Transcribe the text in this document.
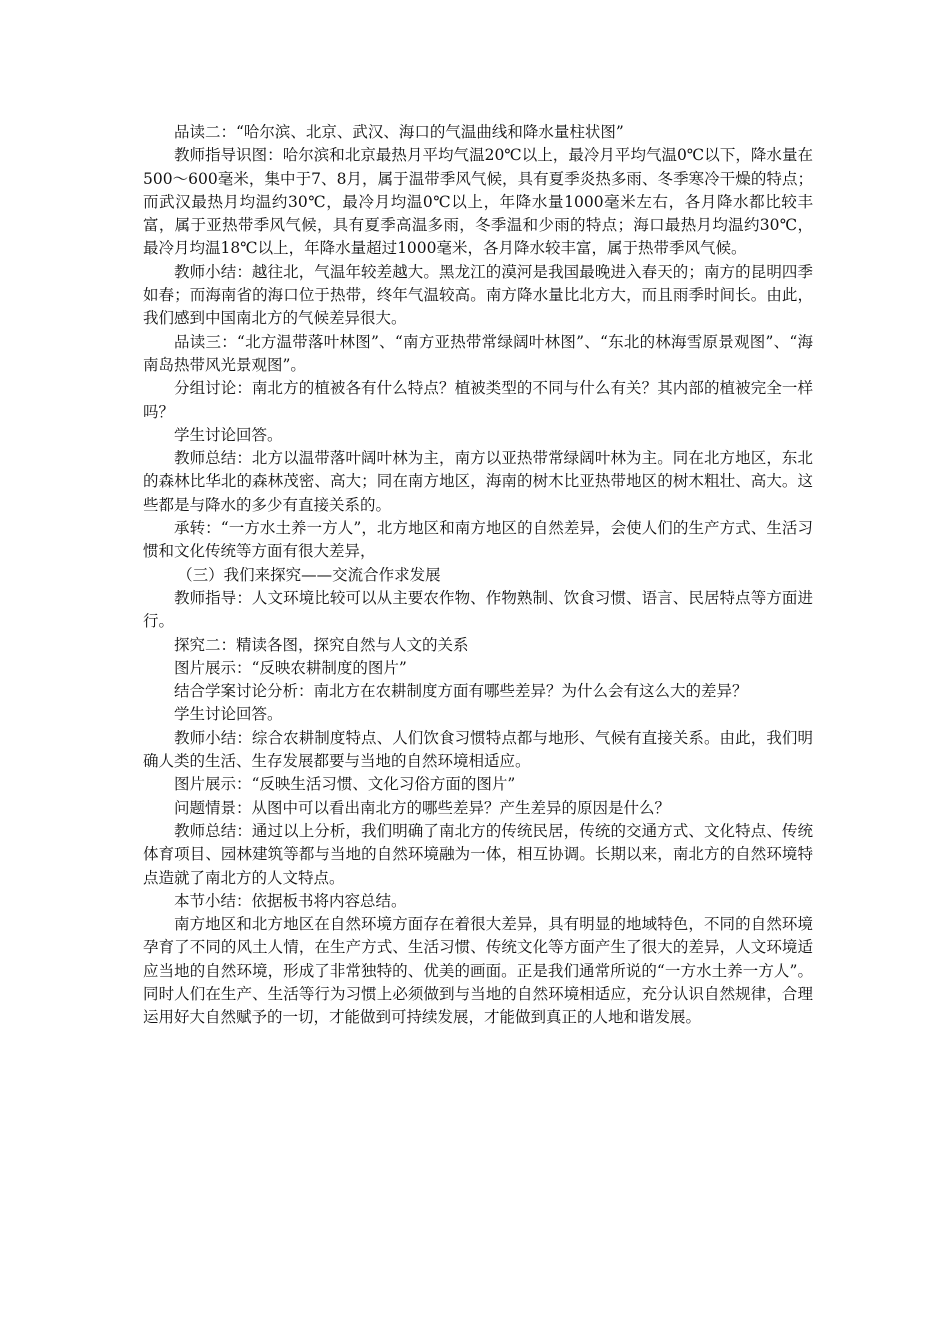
品读二：“哈尔滨、北京、武汉、海口的气温曲线和降水量柱状图”

教师指导识图：哈尔滨和北京最热月平均气温20℃以上，最冷月平均气温0℃以下，降水量在500～600毫米，集中于7、8月，属于温带季风气候，具有夏季炎热多雨、冬季寒冷干燥的特点；而武汉最热月均温约30℃，最冷月均温0℃以上，年降水量1000毫米左右，各月降水都比较丰富，属于亚热带季风气候，具有夏季高温多雨，冬季温和少雨的特点；海口最热月均温约30℃，最冷月均温18℃以上，年降水量超过1000毫米，各月降水较丰富，属于热带季风气候。

教师小结：越往北，气温年较差越大。黑龙江的漠河是我国最晚进入春天的；南方的昆明四季如春；而海南省的海口位于热带，终年气温较高。南方降水量比北方大，而且雨季时间长。由此，我们感到中国南北方的气候差异很大。

品读三：“北方温带落叶林图”、“南方亚热带常绿阔叶林图”、“东北的林海雪原景观图”、“海南岛热带风光景观图”。

分组讨论：南北方的植被各有什么特点？植被类型的不同与什么有关？其内部的植被完全一样吗？

学生讨论回答。

教师总结：北方以温带落叶阔叶林为主，南方以亚热带常绿阔叶林为主。同在北方地区，东北的森林比华北的森林茂密、高大；同在南方地区，海南的树木比亚热带地区的树木粗壮、高大。这些都是与降水的多少有直接关系的。

承转：“一方水土养一方人”，北方地区和南方地区的自然差异，会使人们的生产方式、生活习惯和文化传统等方面有很大差异，

（三）我们来探究——交流合作求发展

教师指导：人文环境比较可以从主要农作物、作物熟制、饮食习惯、语言、民居特点等方面进行。

探究二：精读各图，探究自然与人文的关系

图片展示：“反映农耕制度的图片”

结合学案讨论分析：南北方在农耕制度方面有哪些差异？为什么会有这么大的差异？

学生讨论回答。

教师小结：综合农耕制度特点、人们饮食习惯特点都与地形、气候有直接关系。由此，我们明确人类的生活、生存发展都要与当地的自然环境相适应。

图片展示：“反映生活习惯、文化习俗方面的图片”

问题情景：从图中可以看出南北方的哪些差异？产生差异的原因是什么？

教师总结：通过以上分析，我们明确了南北方的传统民居，传统的交通方式、文化特点、传统体育项目、园林建筑等都与当地的自然环境融为一体，相互协调。长期以来，南北方的自然环境特点造就了南北方的人文特点。

本节小结：依据板书将内容总结。

南方地区和北方地区在自然环境方面存在着很大差异，具有明显的地域特色，不同的自然环境孕育了不同的风土人情，在生产方式、生活习惯、传统文化等方面产生了很大的差异，人文环境适应当地的自然环境，形成了非常独特的、优美的画面。正是我们通常所说的“一方水土养一方人”。同时人们在生产、生活等行为习惯上必须做到与当地的自然环境相适应，充分认识自然规律，合理运用好大自然赋予的一切，才能做到可持续发展，才能做到真正的人地和谐发展。
